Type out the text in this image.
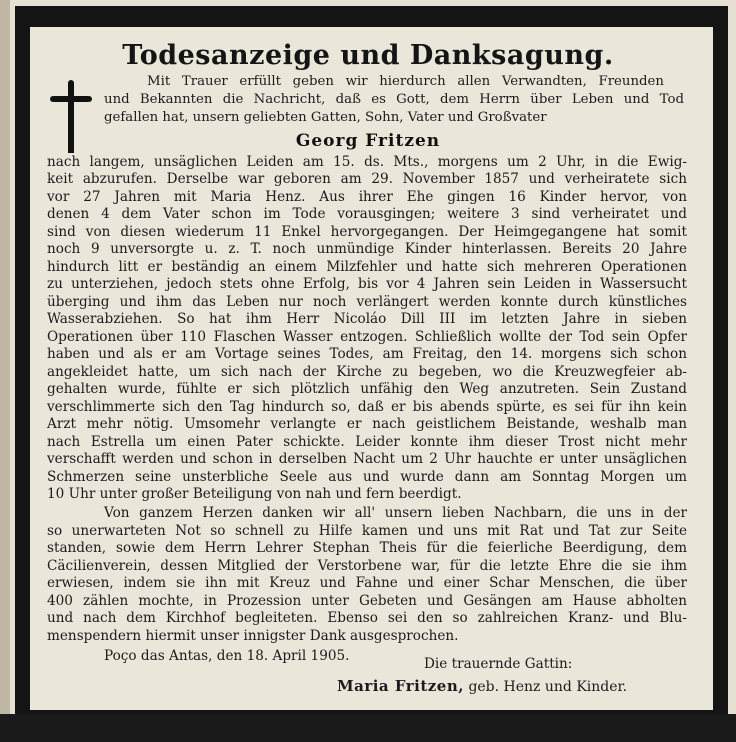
Todesanzeige und Danksagung.
Mit Trauer erfüllt geben wir hierdurch allen Verwandten, Freunden
und Bekannten die Nachricht, daß es Gott, dem Herrn über Leben und Tod
gefallen hat, unsern geliebten Gatten, Sohn, Vater und Großvater
Georg Fritzen
nach langem, unsäglichen Leiden am 15. ds. Mts., morgens um 2 Uhr, in die Ewig-
keit abzurufen. Derselbe war geboren am 29. November 1857 und verheiratete sich
vor 27 Jahren mit Maria Henz. Aus ihrer Ehe gingen 16 Kinder hervor, von
denen 4 dem Vater schon im Tode vorausgingen; weitere 3 sind verheiratet und
sind von diesen wiederum 11 Enkel hervorgegangen. Der Heimgegangene hat somit
noch 9 unversorgte u. z. T. noch unmündige Kinder hinterlassen. Bereits 20 Jahre
hindurch litt er beständig an einem Milzfehler und hatte sich mehreren Operationen
zu unterziehen, jedoch stets ohne Erfolg, bis vor 4 Jahren sein Leiden in Wassersucht
überging und ihm das Leben nur noch verlängert werden konnte durch künstliches
Wasserabziehen. So hat ihm Herr Nicoláo Dill III im letzten Jahre in sieben
Operationen über 110 Flaschen Wasser entzogen. Schließlich wollte der Tod sein Opfer
haben und als er am Vortage seines Todes, am Freitag, den 14. morgens sich schon
angekleidet hatte, um sich nach der Kirche zu begeben, wo die Kreuzwegfeier ab-
gehalten wurde, fühlte er sich plötzlich unfähig den Weg anzutreten. Sein Zustand
verschlimmerte sich den Tag hindurch so, daß er bis abends spürte, es sei für ihn kein
Arzt mehr nötig. Umsomehr verlangte er nach geistlichem Beistande, weshalb man
nach Estrella um einen Pater schickte. Leider konnte ihm dieser Trost nicht mehr
verschafft werden und schon in derselben Nacht um 2 Uhr hauchte er unter unsäglichen
Schmerzen seine unsterbliche Seele aus und wurde dann am Sonntag Morgen um
10 Uhr unter großer Beteiligung von nah und fern beerdigt.
Von ganzem Herzen danken wir all' unsern lieben Nachbarn, die uns in der
so unerwarteten Not so schnell zu Hilfe kamen und uns mit Rat und Tat zur Seite
standen, sowie dem Herrn Lehrer Stephan Theis für die feierliche Beerdigung, dem
Cäcilienverein, dessen Mitglied der Verstorbene war, für die letzte Ehre die sie ihm
erwiesen, indem sie ihn mit Kreuz und Fahne und einer Schar Menschen, die über
400 zählen mochte, in Prozession unter Gebeten und Gesängen am Hause abholten
und nach dem Kirchhof begleiteten. Ebenso sei den so zahlreichen Kranz- und Blu-
menspendern hiermit unser innigster Dank ausgesprochen.
Poço das Antas, den 18. April 1905.	Die trauernde Gattin:
Maria Fritzen, geb. Henz und Kinder.
